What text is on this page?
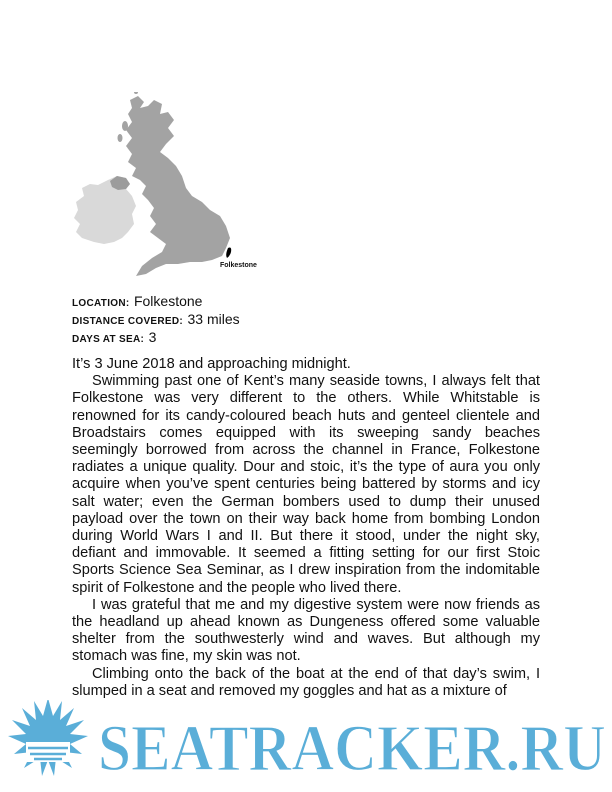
Folkestone
LOCATION: Folkestone
DISTANCE COVERED: 33 miles
DAYS AT SEA: 3

It’s 3 June 2018 and approaching midnight.

Swimming past one of Kent’s many seaside towns, I always felt that Folkestone was very different to the others. While Whitstable is renowned for its candy-coloured beach huts and genteel clientele and Broadstairs comes equipped with its sweeping sandy beaches seemingly borrowed from across the channel in France, Folkestone radiates a unique quality. Dour and stoic, it’s the type of aura you only acquire when you’ve spent centuries being battered by storms and icy salt water; even the German bombers used to dump their unused payload over the town on their way back home from bombing London during World Wars I and II. But there it stood, under the night sky, defiant and immovable. It seemed a fitting setting for our first Stoic Sports Science Sea Seminar, as I drew inspiration from the indomitable spirit of Folkestone and the people who lived there.

I was grateful that me and my digestive system were now friends as the headland up ahead known as Dungeness offered some valuable shelter from the southwesterly wind and waves. But although my stomach was fine, my skin was not.

Climbing onto the back of the boat at the end of that day’s swim, I slumped in a seat and removed my goggles and hat as a mixture of

SEATRACKER.RU
